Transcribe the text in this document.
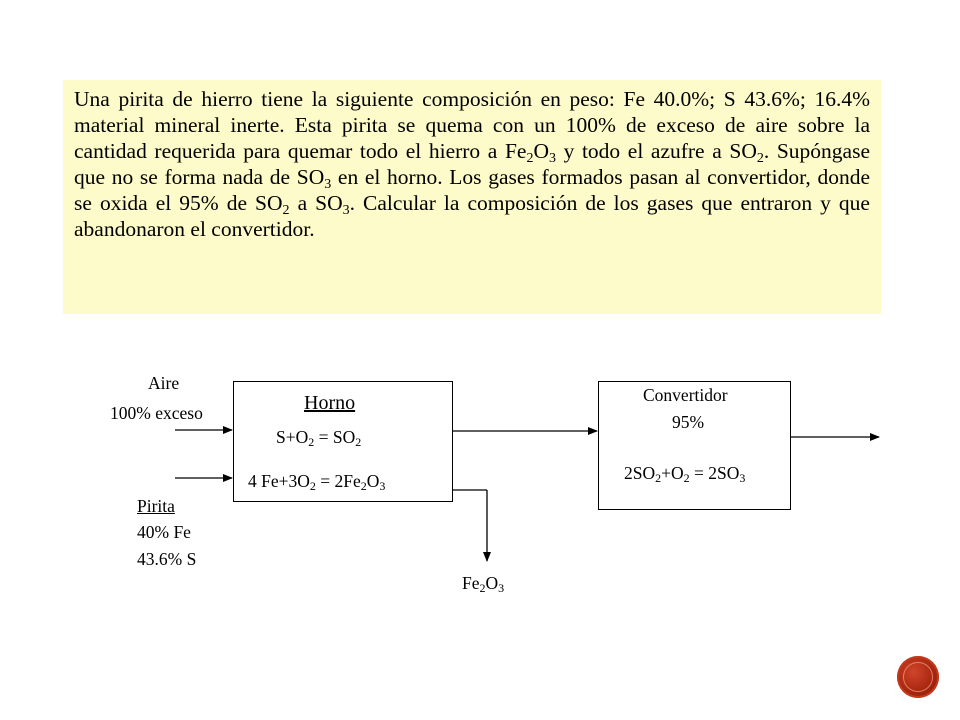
Una pirita de hierro tiene la siguiente composición en peso: Fe 40.0%; S 43.6%; 16.4% material mineral inerte. Esta pirita se quema con un 100% de exceso de aire sobre la cantidad requerida para quemar todo el hierro a $Fe_2O_3$ y todo el azufre a $SO_2$. Supóngase que no se forma nada de $SO_3$ en el horno. Los gases formados pasan al convertidor, donde se oxida el 95% de $SO_2$ a $SO_3$. Calcular la composición de los gases que entraron y que abandonaron el convertidor.
Aire
100% exceso
Pirita
40% Fe
43.6% S
Horno
$S+O_2 = SO_2$
4 $Fe+3O_2 = 2Fe_2O_3$
Convertidor
95%
$2SO_2+O_2 = 2SO_3$
$Fe_2O_3$
